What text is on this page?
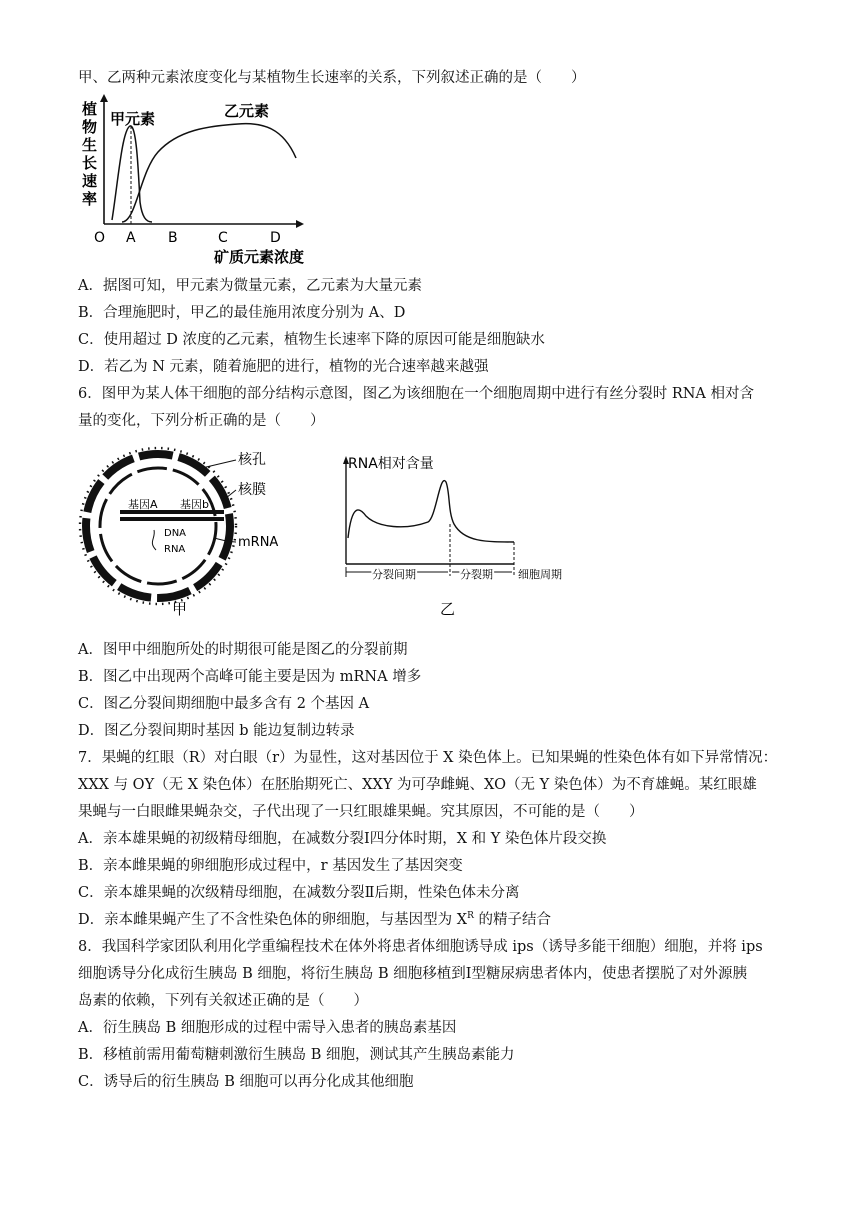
甲、乙两种元素浓度变化与某植物生长速率的关系，下列叙述正确的是（　　）
植
物
生
长
速
率
甲元素	乙元素
O A B	C	D
矿质元素浓度
A．据图可知，甲元素为微量元素，乙元素为大量元素
B．合理施肥时，甲乙的最佳施用浓度分别为 A、D
C．使用超过 D 浓度的乙元素，植物生长速率下降的原因可能是细胞缺水
D．若乙为 N 元素，随着施肥的进行，植物的光合速率越来越强
6．图甲为某人体干细胞的部分结构示意图，图乙为该细胞在一个细胞周期中进行有丝分裂时 RNA 相对含
量的变化，下列分析正确的是（　　）
基因A 基因b
DNA
RNA
核孔
核膜
mRNA
甲
RNA相对含量
分裂间期	分裂期 细胞周期
乙
A．图甲中细胞所处的时期很可能是图乙的分裂前期
B．图乙中出现两个高峰可能主要是因为 mRNA 增多
C．图乙分裂间期细胞中最多含有 2 个基因 A
D．图乙分裂间期时基因 b 能边复制边转录
7．果蝇的红眼（R）对白眼（r）为显性，这对基因位于 X 染色体上。已知果蝇的性染色体有如下异常情况：
XXX 与 OY（无 X 染色体）在胚胎期死亡、XXY 为可孕雌蝇、XO（无 Y 染色体）为不育雄蝇。某红眼雄
果蝇与一白眼雌果蝇杂交，子代出现了一只红眼雄果蝇。究其原因，不可能的是（　　）
A．亲本雄果蝇的初级精母细胞，在减数分裂Ⅰ四分体时期，X 和 Y 染色体片段交换
B．亲本雌果蝇的卵细胞形成过程中，r 基因发生了基因突变
C．亲本雄果蝇的次级精母细胞，在减数分裂Ⅱ后期，性染色体未分离
D．亲本雌果蝇产生了不含性染色体的卵细胞，与基因型为 $X^R$ 的精子结合
8．我国科学家团队利用化学重编程技术在体外将患者体细胞诱导成 ips（诱导多能干细胞）细胞，并将 ips
细胞诱导分化成衍生胰岛 B 细胞，将衍生胰岛 B 细胞移植到Ⅰ型糖尿病患者体内，使患者摆脱了对外源胰
岛素的依赖，下列有关叙述正确的是（　　）
A．衍生胰岛 B 细胞形成的过程中需导入患者的胰岛素基因
B．移植前需用葡萄糖刺激衍生胰岛 B 细胞，测试其产生胰岛素能力
C．诱导后的衍生胰岛 B 细胞可以再分化成其他细胞
